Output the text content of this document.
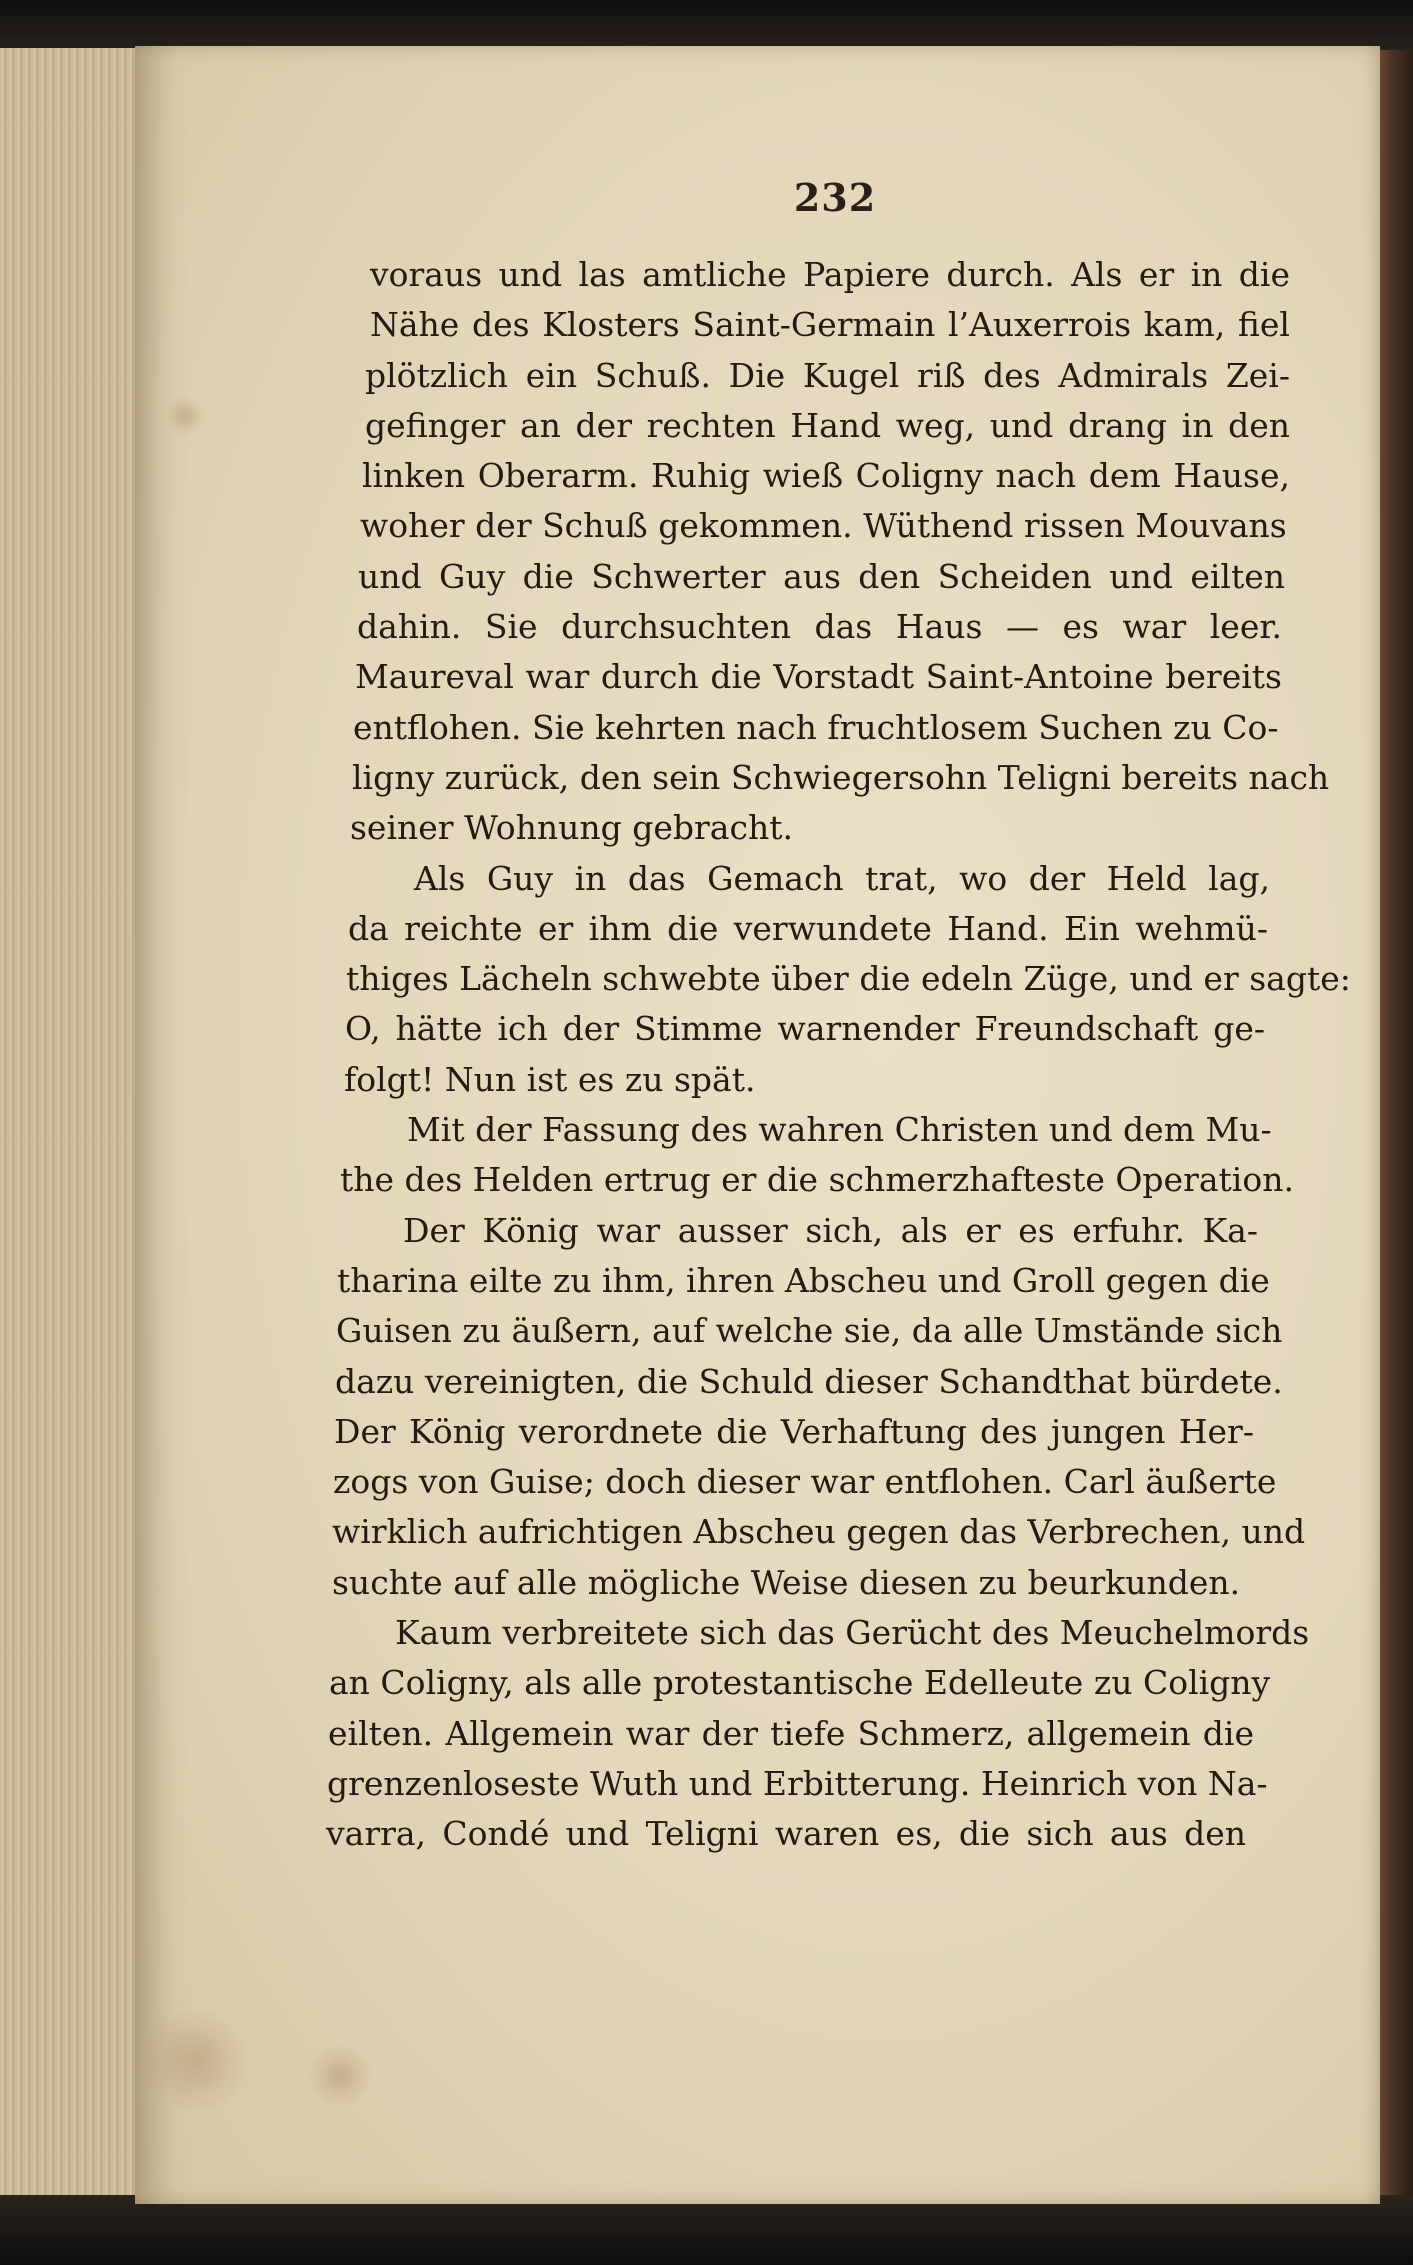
232
voraus und las amtliche Papiere durch. Als er in die
Nähe des Klosters Saint-Germain l’Auxerrois kam, fiel
plötzlich ein Schuß. Die Kugel riß des Admirals Zei-
gefinger an der rechten Hand weg, und drang in den
linken Oberarm. Ruhig wieß Coligny nach dem Hause,
woher der Schuß gekommen. Wüthend rissen Mouvans
und Guy die Schwerter aus den Scheiden und eilten
dahin. Sie durchsuchten das Haus — es war leer.
Maureval war durch die Vorstadt Saint-Antoine bereits
entflohen. Sie kehrten nach fruchtlosem Suchen zu Co-
ligny zurück, den sein Schwiegersohn Teligni bereits nach
seiner Wohnung gebracht.
Als Guy in das Gemach trat, wo der Held lag,
da reichte er ihm die verwundete Hand. Ein wehmü-
thiges Lächeln schwebte über die edeln Züge, und er sagte:
O, hätte ich der Stimme warnender Freundschaft ge-
folgt! Nun ist es zu spät.
Mit der Fassung des wahren Christen und dem Mu-
the des Helden ertrug er die schmerzhafteste Operation.
Der König war ausser sich, als er es erfuhr. Ka-
tharina eilte zu ihm, ihren Abscheu und Groll gegen die
Guisen zu äußern, auf welche sie, da alle Umstände sich
dazu vereinigten, die Schuld dieser Schandthat bürdete.
Der König verordnete die Verhaftung des jungen Her-
zogs von Guise; doch dieser war entflohen. Carl äußerte
wirklich aufrichtigen Abscheu gegen das Verbrechen, und
suchte auf alle mögliche Weise diesen zu beurkunden.
Kaum verbreitete sich das Gerücht des Meuchelmords
an Coligny, als alle protestantische Edelleute zu Coligny
eilten. Allgemein war der tiefe Schmerz, allgemein die
grenzenloseste Wuth und Erbitterung. Heinrich von Na-
varra, Condé und Teligni waren es, die sich aus den
